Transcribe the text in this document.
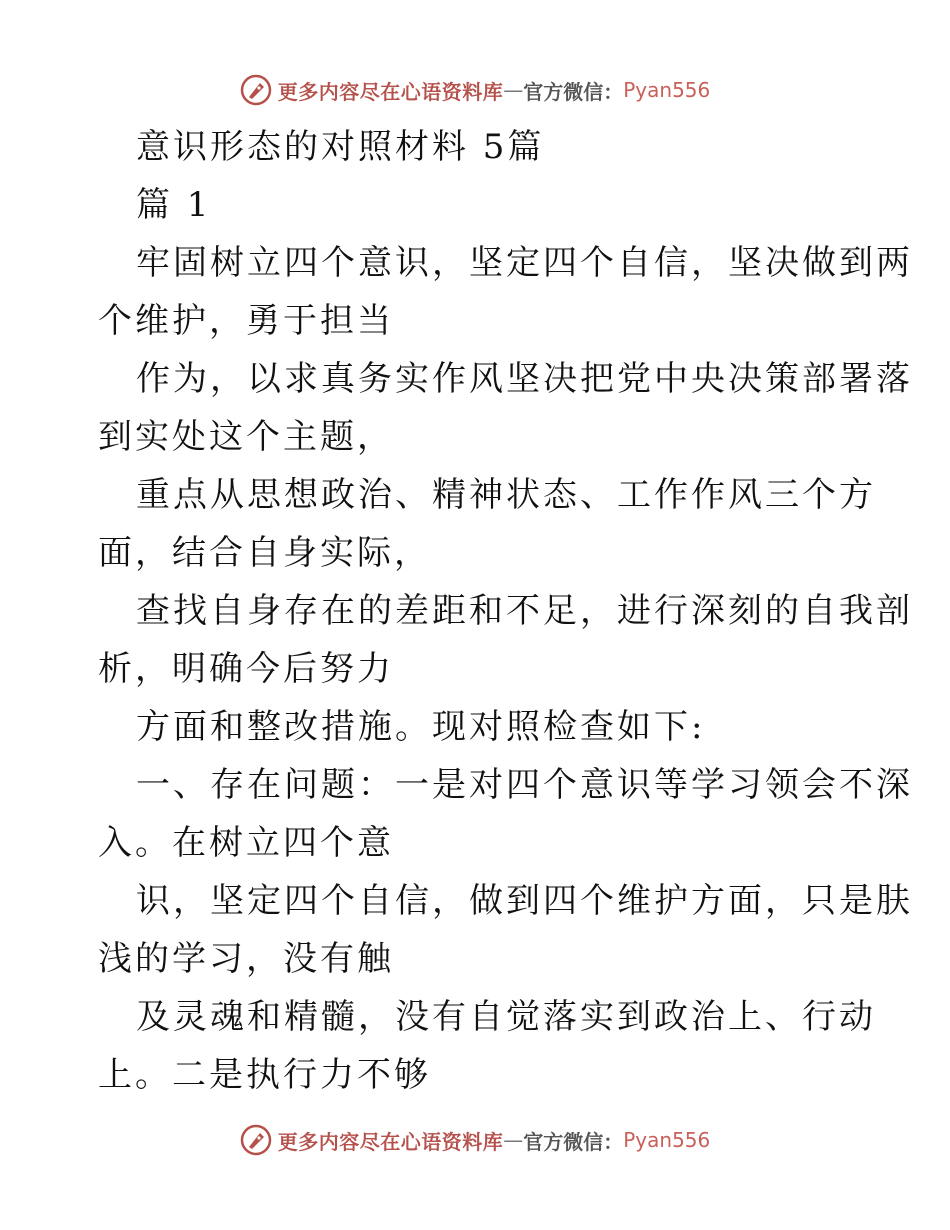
更多内容尽在心语资料库 — 官方微信： Pyan556
意识形态的对照材料 5篇
篇 1
牢固树立四个意识，坚定四个自信，坚决做到两
个维护，勇于担当
作为，以求真务实作风坚决把党中央决策部署落
到实处这个主题，
重点从思想政治、精神状态、工作作风三个方
面，结合自身实际，
查找自身存在的差距和不足，进行深刻的自我剖
析，明确今后努力
方面和整改措施。现对照检查如下:
一、存在问题：一是对四个意识等学习领会不深
入。在树立四个意
识，坚定四个自信，做到四个维护方面，只是肤
浅的学习，没有触
及灵魂和精髓，没有自觉落实到政治上、行动
上。二是执行力不够
更多内容尽在心语资料库 — 官方微信： Pyan556
